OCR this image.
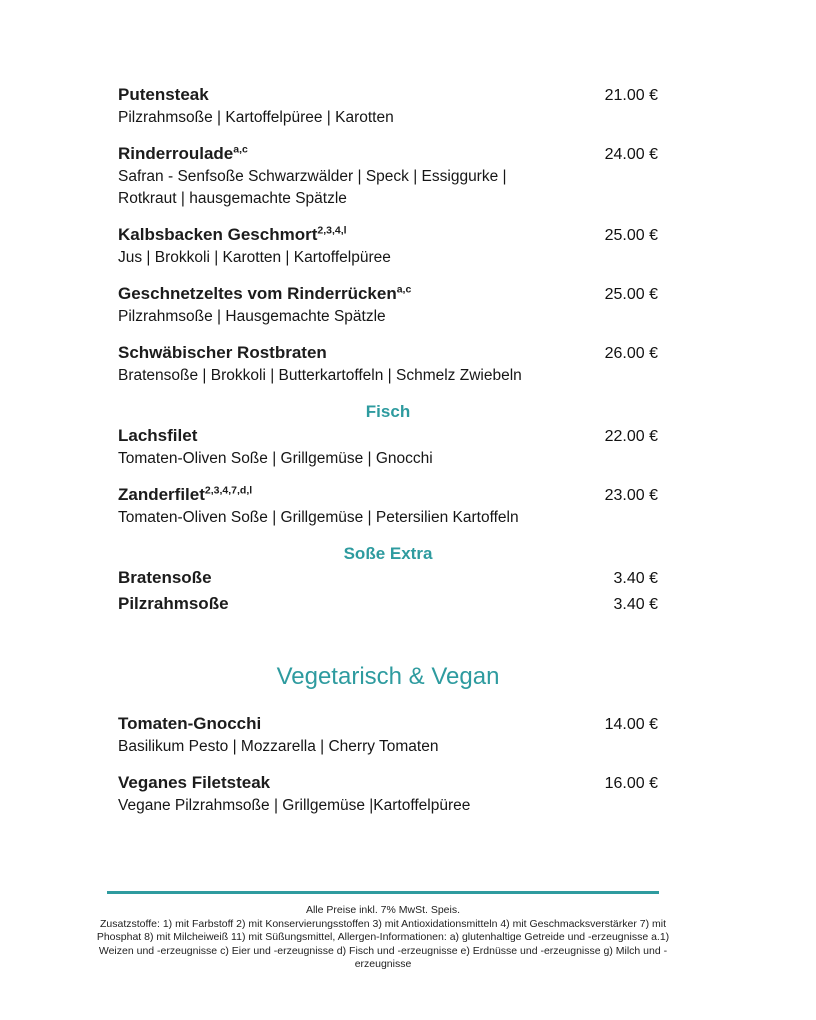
Putensteak	21.00 €
Pilzrahmsoße | Kartoffelpüree | Karotten
Rinderroulade$^{a,c}$	24.00 €
Safran - Senfsoße Schwarzwälder | Speck | Essiggurke |
Rotkraut | hausgemachte Spätzle
Kalbsbacken Geschmort$^{2,3,4,l}$	25.00 €
Jus | Brokkoli | Karotten | Kartoffelpüree
Geschnetzeltes vom Rinderrücken$^{a,c}$	25.00 €
Pilzrahmsoße | Hausgemachte Spätzle
Schwäbischer Rostbraten	26.00 €
Bratensoße | Brokkoli | Butterkartoffeln | Schmelz Zwiebeln
Fisch
Lachsfilet	22.00 €
Tomaten-Oliven Soße | Grillgemüse | Gnocchi
Zanderfilet$^{2,3,4,7,d,l}$	23.00 €
Tomaten-Oliven Soße | Grillgemüse | Petersilien Kartoffeln
Soße Extra
Bratensoße	3.40 €
Pilzrahmsoße	3.40 €
Vegetarisch & Vegan
Tomaten-Gnocchi	14.00 €
Basilikum Pesto | Mozzarella | Cherry Tomaten
Veganes Filetsteak	16.00 €
Vegane Pilzrahmsoße | Grillgemüse |Kartoffelpüree
Alle Preise inkl. 7% MwSt. Speis.
Zusatzstoffe: 1) mit Farbstoff 2) mit Konservierungsstoffen 3) mit Antioxidationsmitteln 4) mit Geschmacksverstärker 7) mit
Phosphat 8) mit Milcheiweiß 11) mit Süßungsmittel, Allergen-Informationen: a) glutenhaltige Getreide und -erzeugnisse a.1)
Weizen und -erzeugnisse c) Eier und -erzeugnisse d) Fisch und -erzeugnisse e) Erdnüsse und -erzeugnisse g) Milch und -erzeugnisse
